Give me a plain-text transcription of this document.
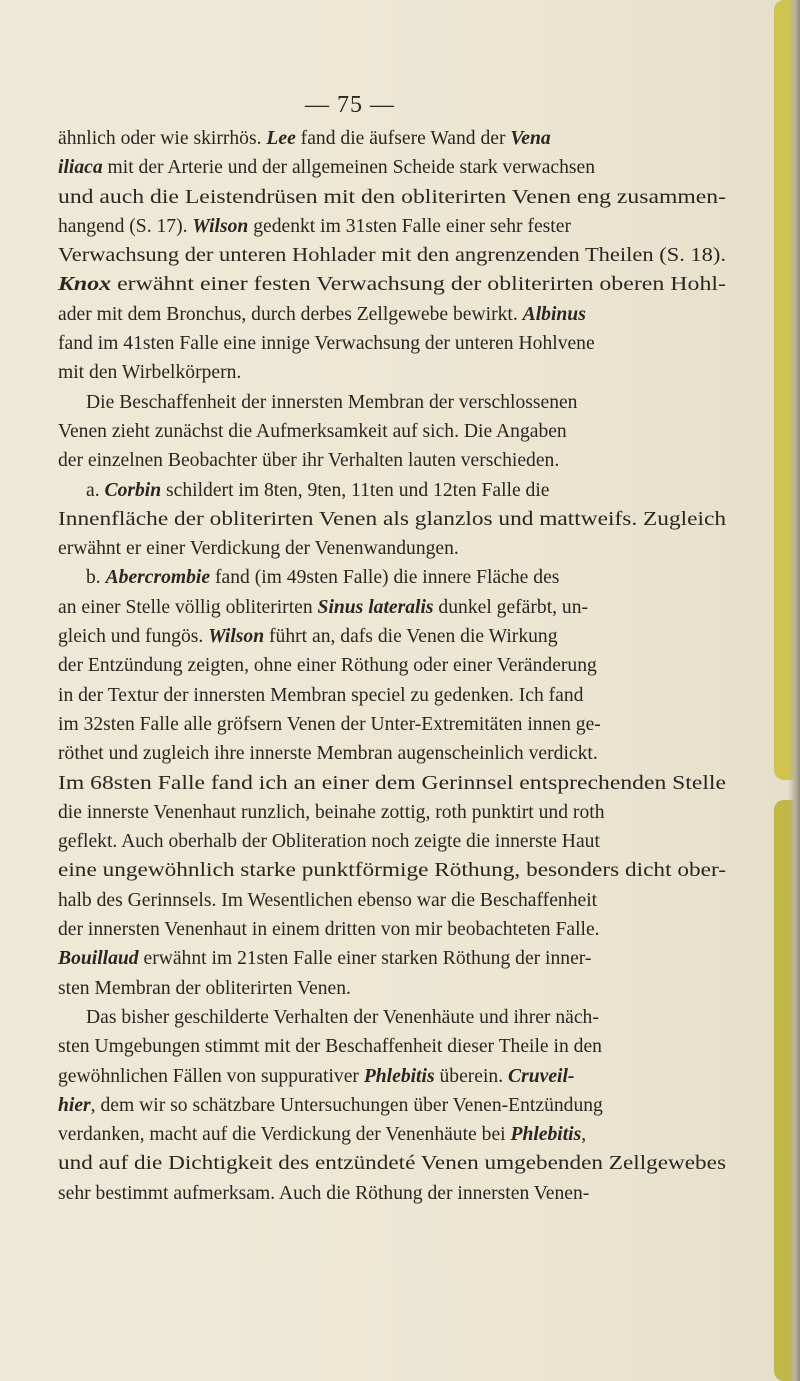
— 75 —
ähnlich oder wie skirrhös. Lee fand die äufsere Wand der Vena
iliaca mit der Arterie und der allgemeinen Scheide stark verwachsen
und auch die Leistendrüsen mit den obliterirten Venen eng zusammen-
hangend (S. 17). Wilson gedenkt im 31sten Falle einer sehr fester
Verwachsung der unteren Hohlader mit den angrenzenden Theilen (S. 18).
Knox erwähnt einer festen Verwachsung der obliterirten oberen Hohl-
ader mit dem Bronchus, durch derbes Zellgewebe bewirkt. Albinus
fand im 41sten Falle eine innige Verwachsung der unteren Hohlvene
mit den Wirbelkörpern.
Die Beschaffenheit der innersten Membran der verschlossenen
Venen zieht zunächst die Aufmerksamkeit auf sich. Die Angaben
der einzelnen Beobachter über ihr Verhalten lauten verschieden.
a. Corbin schildert im 8ten, 9ten, 11ten und 12ten Falle die
Innenfläche der obliterirten Venen als glanzlos und mattweifs. Zugleich
erwähnt er einer Verdickung der Venenwandungen.
b. Abercrombie fand (im 49sten Falle) die innere Fläche des
an einer Stelle völlig obliterirten Sinus lateralis dunkel gefärbt, un-
gleich und fungös. Wilson führt an, dafs die Venen die Wirkung
der Entzündung zeigten, ohne einer Röthung oder einer Veränderung
in der Textur der innersten Membran speciel zu gedenken. Ich fand
im 32sten Falle alle gröfsern Venen der Unter-Extremitäten innen ge-
röthet und zugleich ihre innerste Membran augenscheinlich verdickt.
Im 68sten Falle fand ich an einer dem Gerinnsel entsprechenden Stelle
die innerste Venenhaut runzlich, beinahe zottig, roth punktirt und roth
geflekt. Auch oberhalb der Obliteration noch zeigte die innerste Haut
eine ungewöhnlich starke punktförmige Röthung, besonders dicht ober-
halb des Gerinnsels. Im Wesentlichen ebenso war die Beschaffenheit
der innersten Venenhaut in einem dritten von mir beobachteten Falle.
Bouillaud erwähnt im 21sten Falle einer starken Röthung der inner-
sten Membran der obliterirten Venen.
Das bisher geschilderte Verhalten der Venenhäute und ihrer näch-
sten Umgebungen stimmt mit der Beschaffenheit dieser Theile in den
gewöhnlichen Fällen von suppurativer Phlebitis überein. Cruveil-
hier, dem wir so schätzbare Untersuchungen über Venen-Entzündung
verdanken, macht auf die Verdickung der Venenhäute bei Phlebitis,
und auf die Dichtigkeit des entzündeté Venen umgebenden Zellgewebes
sehr bestimmt aufmerksam. Auch die Röthung der innersten Venen-
